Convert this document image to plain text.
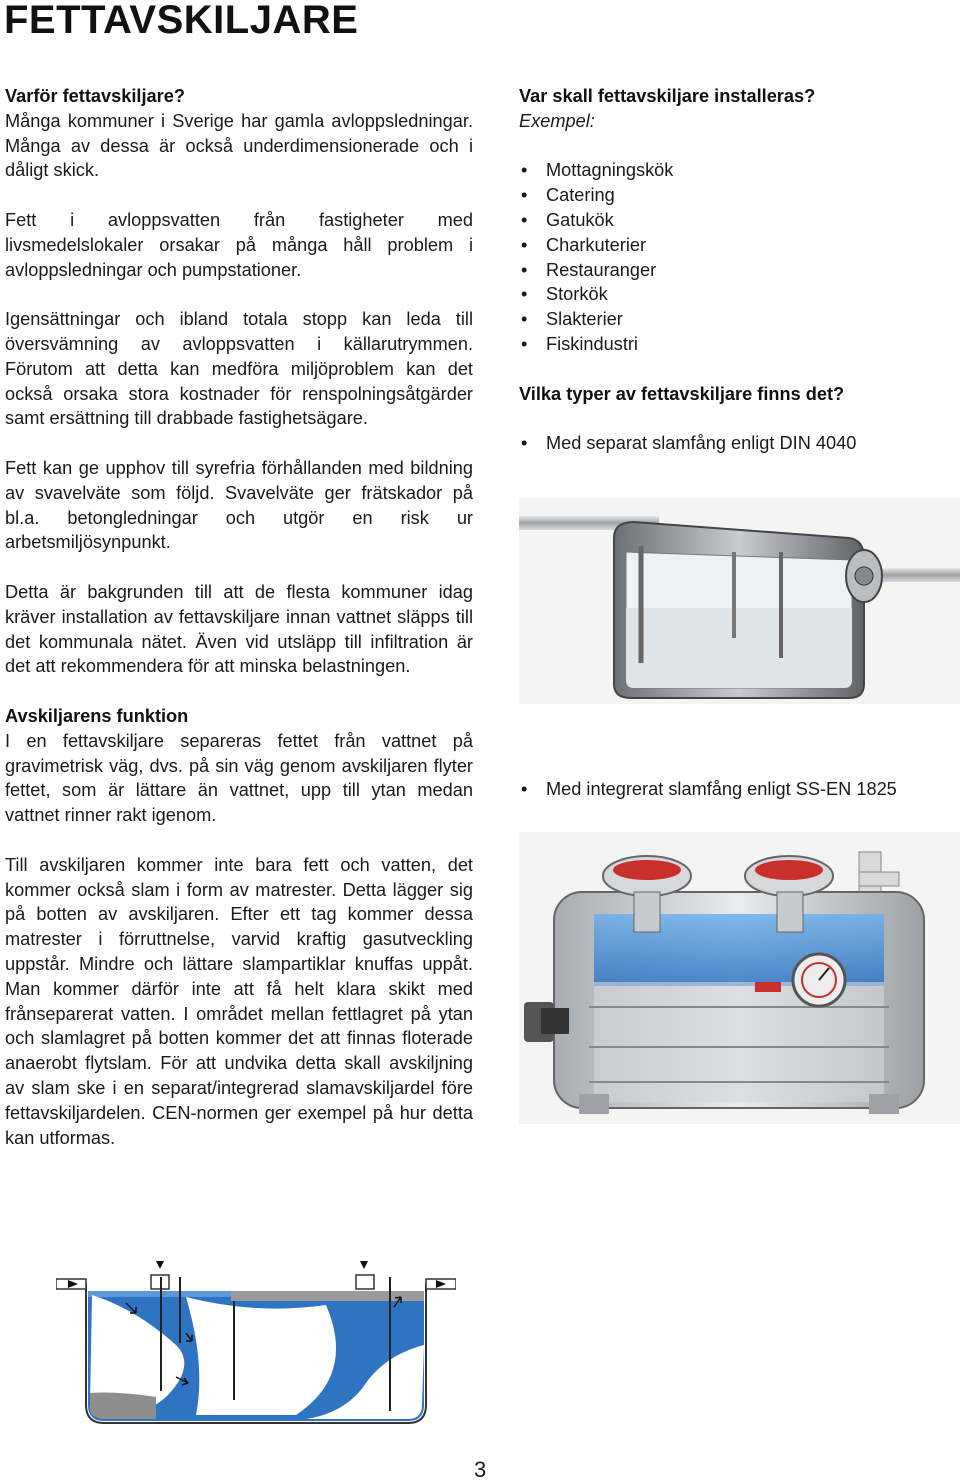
FETTAVSKILJARE
Varför fettavskiljare?

Många kommuner i Sverige har gamla avloppsledningar. Många av dessa är också underdimensionerade och i dåligt skick.

Fett i avloppsvatten från fastigheter med livsmedelslokaler orsakar på många håll problem i avloppsledningar och pumpstationer.

Igensättningar och ibland totala stopp kan leda till översvämning av avloppsvatten i källarutrymmen. Förutom att detta kan medföra miljöproblem kan det också orsaka stora kostnader för renspolningsåtgärder samt ersättning till drabbade fastighetsägare.

Fett kan ge upphov till syrefria förhållanden med bildning av svavelväte som följd. Svavelväte ger frätskador på bl.a. betongledningar och utgör en risk ur arbetsmiljösynpunkt.

Detta är bakgrunden till att de flesta kommuner idag kräver installation av fettavskiljare innan vattnet släpps till det kommunala nätet. Även vid utsläpp till infiltration är det att rekommendera för att minska belastningen.

Avskiljarens funktion

I en fettavskiljare separeras fettet från vattnet på gravimetrisk väg, dvs. på sin väg genom avskiljaren flyter fettet, som är lättare än vattnet, upp till ytan medan vattnet rinner rakt igenom.

Till avskiljaren kommer inte bara fett och vatten, det kommer också slam i form av matrester. Detta lägger sig på botten av avskiljaren. Efter ett tag kommer dessa matrester i förruttnelse, varvid kraftig gasutveckling uppstår. Mindre och lättare slampartiklar knuffas uppåt. Man kommer därför inte att få helt klara skikt med frånseparerat vatten. I området mellan fettlagret på ytan och slamlagret på botten kommer det att finnas floterade anaerobt flytslam. För att undvika detta skall avskiljning av slam ske i en separat/integrerad slamavskiljardel före fettavskiljardelen. CEN-normen ger exempel på hur detta kan utformas.

Var skall fettavskiljare installeras?

Exempel:

• Mottagningskök
• Catering
• Gatukök
• Charkuterier
• Restauranger
• Storkök
• Slakterier
• Fiskindustri
Vilka typer av fettavskiljare finns det?
• Med separat slamfång enligt DIN 4040
• Med integrerat slamfång enligt SS-EN 1825
3
